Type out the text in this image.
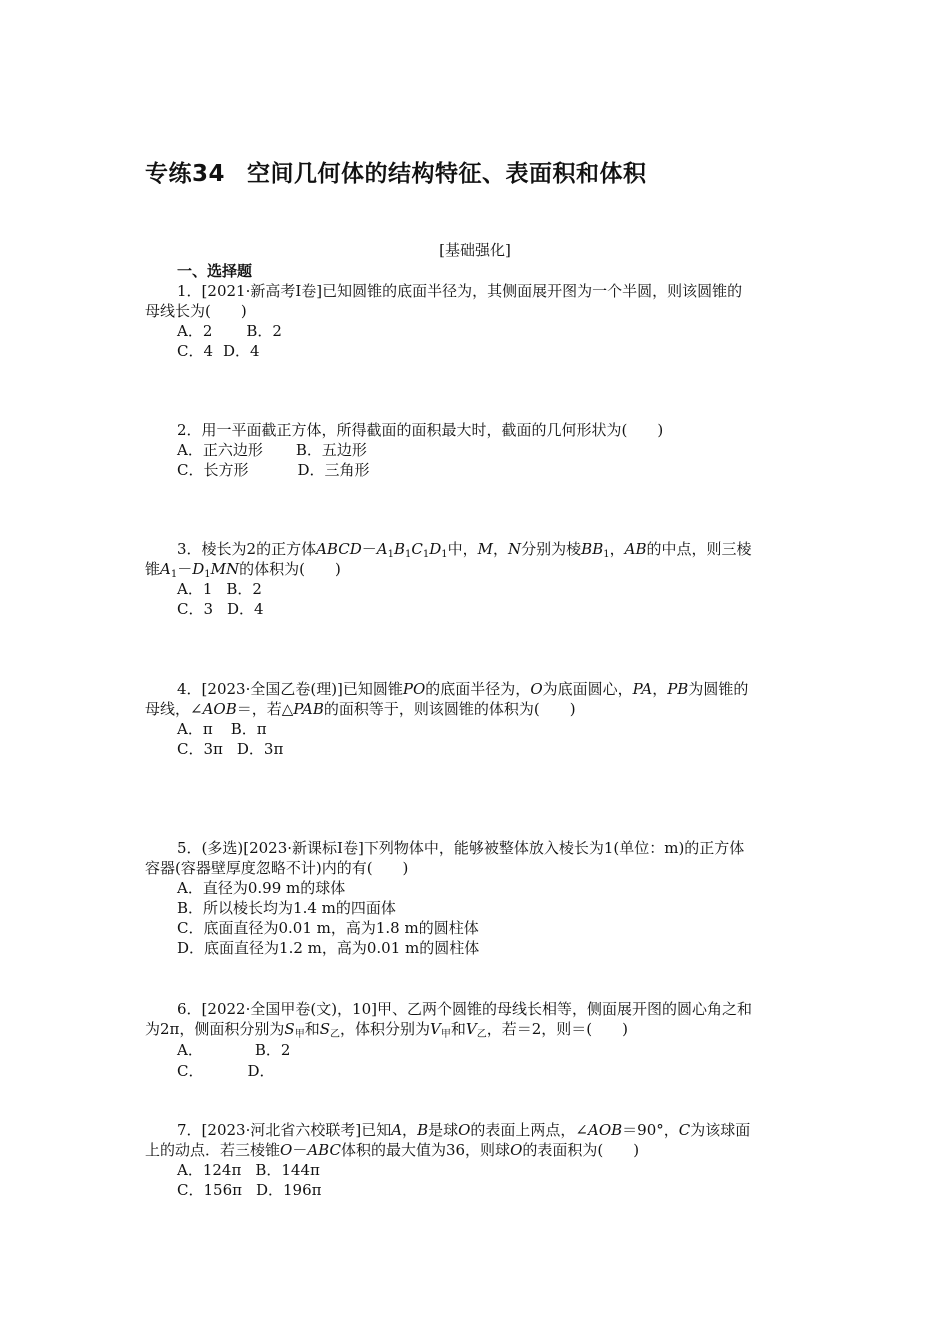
专练34 空间几何体的结构特征、表面积和体积
[基础强化]
一、选择题
1．[2021·新高考Ⅰ卷]已知圆锥的底面半径为，其侧面展开图为一个半圆，则该圆锥的
母线长为(　　)
A．2 B．2
C．4 D．4
2．用一平面截正方体，所得截面的面积最大时，截面的几何形状为(　　)
A．正六边形 B．五边形
C．长方形	D．三角形
3．棱长为2的正方体$ABCD-A_1B_1C_1D_1$中，M，N分别为棱$BB_1$，AB的中点，则三棱
锥$A_1-D_1MN$的体积为(　　)
A．1 B．2
C．3 D．4
4．[2023·全国乙卷(理)]已知圆锥PO的底面半径为，O为底面圆心，PA，PB为圆锥的
母线，∠AOB＝，若△PAB的面积等于，则该圆锥的体积为(　　)
A．π B．π
C．3π D．3π
5．(多选)[2023·新课标Ⅰ卷]下列物体中，能够被整体放入棱长为1(单位：m)的正方体
容器(容器壁厚度忽略不计)内的有(　　)
A．直径为0.99 m的球体
B．所以棱长均为1.4 m的四面体
C．底面直径为0.01 m，高为1.8 m的圆柱体
D．底面直径为1.2 m，高为0.01 m的圆柱体
6．[2022·全国甲卷(文)，10]甲、乙两个圆锥的母线长相等，侧面展开图的圆心角之和
为2π，侧面积分别为$S_甲$和$S_乙$，体积分别为$V_甲$和$V_乙$，若＝2，则＝(　　)
A．	B．2
C．	D．
7．[2023·河北省六校联考]已知A，B是球O的表面上两点，∠AOB＝90°，C为该球面
上的动点．若三棱锥O－ABC体积的最大值为36，则球O的表面积为(　　)
A．124π B．144π
C．156π D．196π
